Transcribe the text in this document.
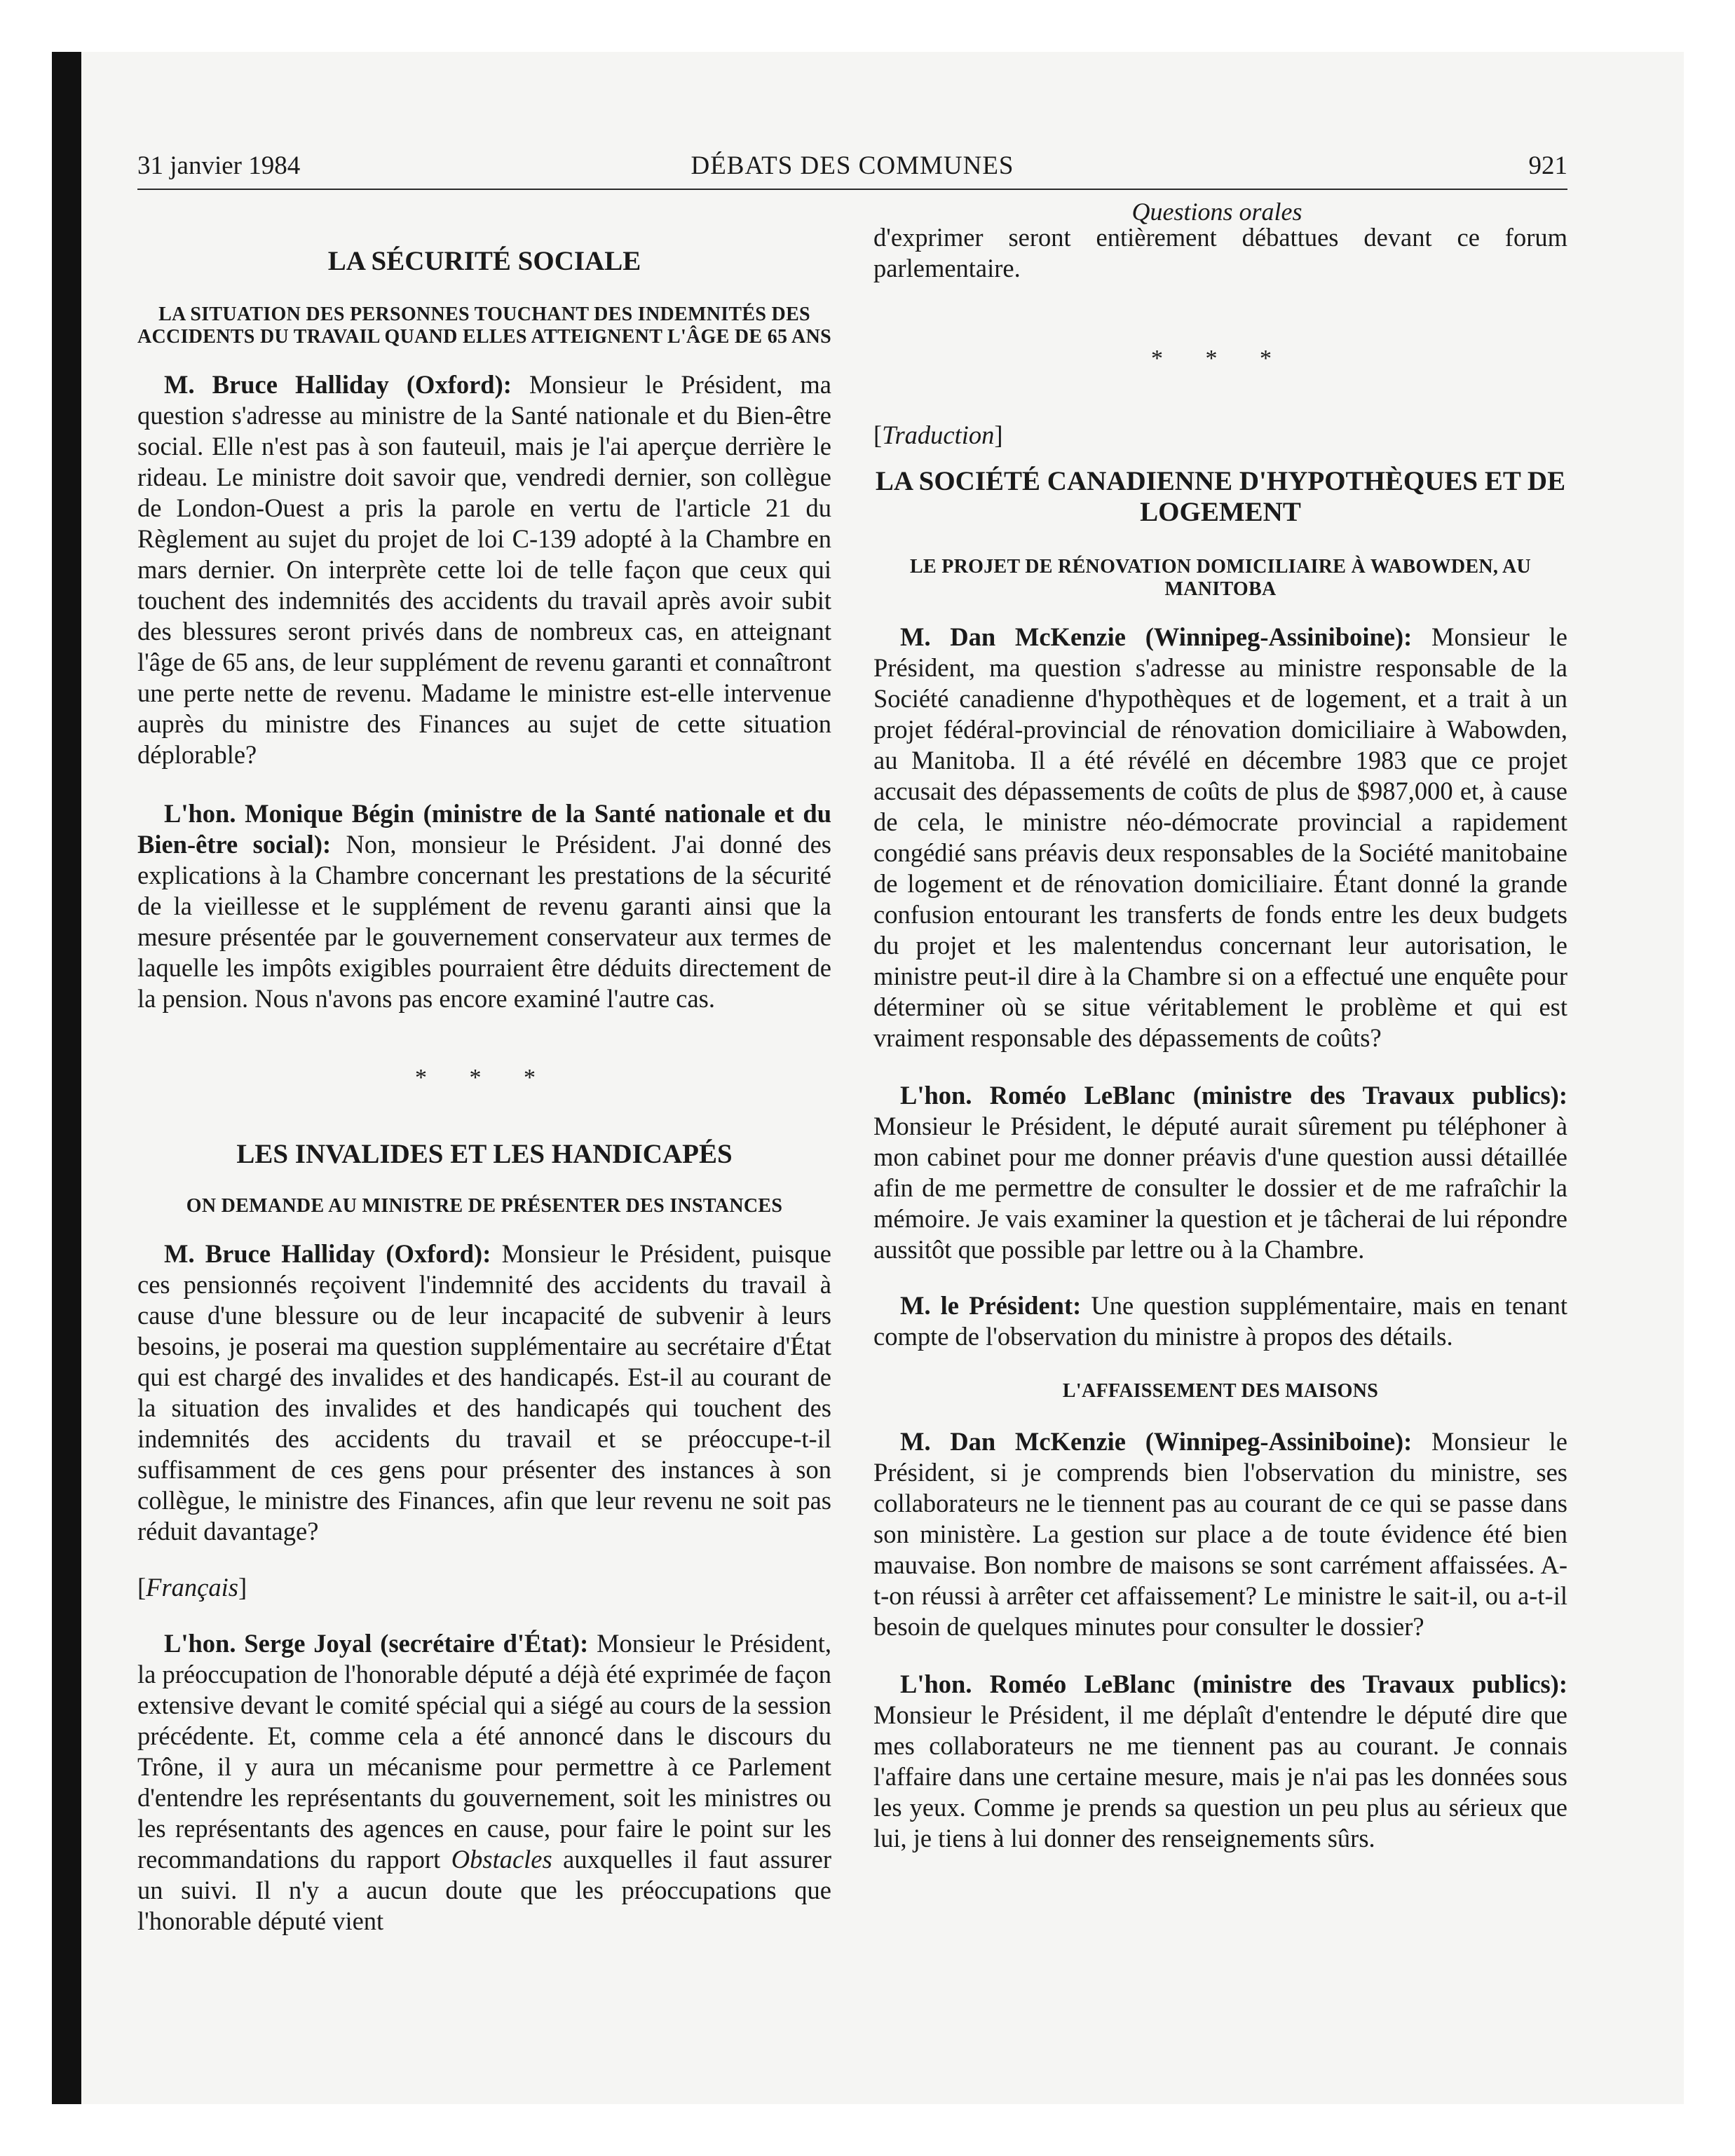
31 janvier 1984	DÉBATS DES COMMUNES	921
Questions orales
LA SÉCURITÉ SOCIALE
LA SITUATION DES PERSONNES TOUCHANT DES INDEMNITÉS DES ACCIDENTS DU TRAVAIL QUAND ELLES ATTEIGNENT L'ÂGE DE 65 ANS

M. Bruce Halliday (Oxford): Monsieur le Président, ma question s'adresse au ministre de la Santé nationale et du Bien-être social. Elle n'est pas à son fauteuil, mais je l'ai aperçue derrière le rideau. Le ministre doit savoir que, vendredi dernier, son collègue de London-Ouest a pris la parole en vertu de l'article 21 du Règlement au sujet du projet de loi C-139 adopté à la Chambre en mars dernier. On interprète cette loi de telle façon que ceux qui touchent des indemnités des accidents du travail après avoir subit des blessures seront privés dans de nombreux cas, en atteignant l'âge de 65 ans, de leur supplément de revenu garanti et connaîtront une perte nette de revenu. Madame le ministre est-elle intervenue auprès du ministre des Finances au sujet de cette situation déplorable?

L'hon. Monique Bégin (ministre de la Santé nationale et du Bien-être social): Non, monsieur le Président. J'ai donné des explications à la Chambre concernant les prestations de la sécurité de la vieillesse et le supplément de revenu garanti ainsi que la mesure présentée par le gouvernement conservateur aux termes de laquelle les impôts exigibles pourraient être déduits directement de la pension. Nous n'avons pas encore examiné l'autre cas.

* * *
LES INVALIDES ET LES HANDICAPÉS
ON DEMANDE AU MINISTRE DE PRÉSENTER DES INSTANCES

M. Bruce Halliday (Oxford): Monsieur le Président, puisque ces pensionnés reçoivent l'indemnité des accidents du travail à cause d'une blessure ou de leur incapacité de subvenir à leurs besoins, je poserai ma question supplémentaire au secrétaire d'État qui est chargé des invalides et des handicapés. Est-il au courant de la situation des invalides et des handicapés qui touchent des indemnités des accidents du travail et se préoccupe-t-il suffisamment de ces gens pour présenter des instances à son collègue, le ministre des Finances, afin que leur revenu ne soit pas réduit davantage?

[Français]

L'hon. Serge Joyal (secrétaire d'État): Monsieur le Président, la préoccupation de l'honorable député a déjà été exprimée de façon extensive devant le comité spécial qui a siégé au cours de la session précédente. Et, comme cela a été annoncé dans le discours du Trône, il y aura un mécanisme pour permettre à ce Parlement d'entendre les représentants du gouvernement, soit les ministres ou les représentants des agences en cause, pour faire le point sur les recommandations du rapport Obstacles auxquelles il faut assurer un suivi. Il n'y a aucun doute que les préoccupations que l'honorable député vient

d'exprimer seront entièrement débattues devant ce forum parlementaire.

* * *
[Traduction]
LA SOCIÉTÉ CANADIENNE D'HYPOTHÈQUES ET DE LOGEMENT
LE PROJET DE RÉNOVATION DOMICILIAIRE À WABOWDEN, AU MANITOBA

M. Dan McKenzie (Winnipeg-Assiniboine): Monsieur le Président, ma question s'adresse au ministre responsable de la Société canadienne d'hypothèques et de logement, et a trait à un projet fédéral-provincial de rénovation domiciliaire à Wabowden, au Manitoba. Il a été révélé en décembre 1983 que ce projet accusait des dépassements de coûts de plus de $987,000 et, à cause de cela, le ministre néo-démocrate provincial a rapidement congédié sans préavis deux responsables de la Société manitobaine de logement et de rénovation domiciliaire. Étant donné la grande confusion entourant les transferts de fonds entre les deux budgets du projet et les malentendus concernant leur autorisation, le ministre peut-il dire à la Chambre si on a effectué une enquête pour déterminer où se situe véritablement le problème et qui est vraiment responsable des dépassements de coûts?

L'hon. Roméo LeBlanc (ministre des Travaux publics): Monsieur le Président, le député aurait sûrement pu téléphoner à mon cabinet pour me donner préavis d'une question aussi détaillée afin de me permettre de consulter le dossier et de me rafraîchir la mémoire. Je vais examiner la question et je tâcherai de lui répondre aussitôt que possible par lettre ou à la Chambre.

M. le Président: Une question supplémentaire, mais en tenant compte de l'observation du ministre à propos des détails.

L'AFFAISSEMENT DES MAISONS

M. Dan McKenzie (Winnipeg-Assiniboine): Monsieur le Président, si je comprends bien l'observation du ministre, ses collaborateurs ne le tiennent pas au courant de ce qui se passe dans son ministère. La gestion sur place a de toute évidence été bien mauvaise. Bon nombre de maisons se sont carrément affaissées. A-t-on réussi à arrêter cet affaissement? Le ministre le sait-il, ou a-t-il besoin de quelques minutes pour consulter le dossier?

L'hon. Roméo LeBlanc (ministre des Travaux publics): Monsieur le Président, il me déplaît d'entendre le député dire que mes collaborateurs ne me tiennent pas au courant. Je connais l'affaire dans une certaine mesure, mais je n'ai pas les données sous les yeux. Comme je prends sa question un peu plus au sérieux que lui, je tiens à lui donner des renseignements sûrs.
